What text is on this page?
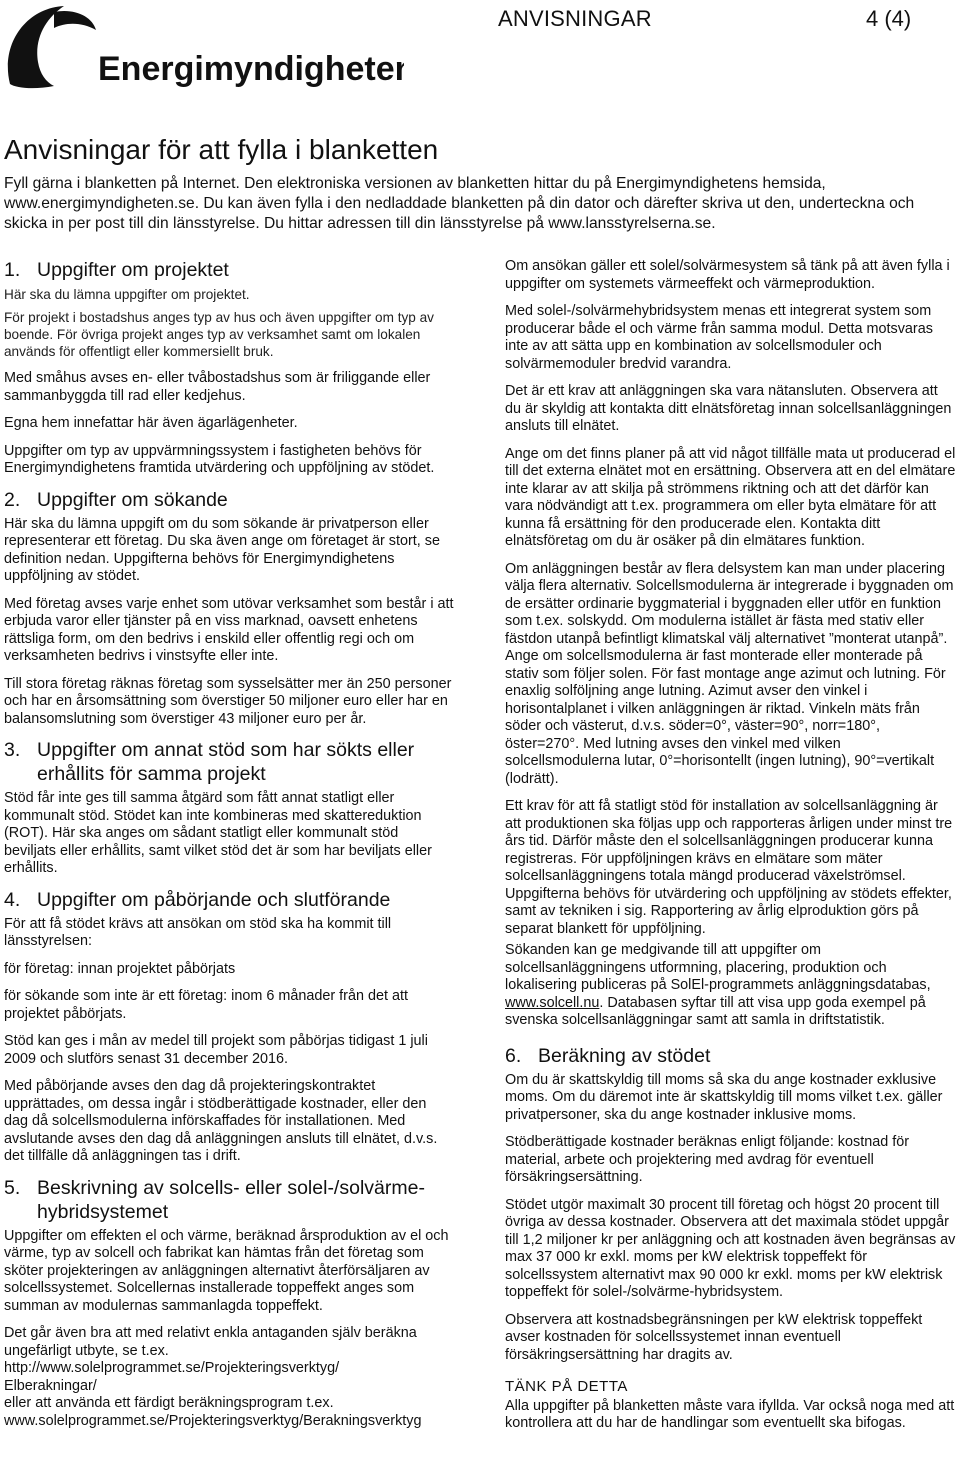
Energimyndigheten
ANVISNINGAR	4 (4)
Anvisningar för att fylla i blanketten

Fyll gärna i blanketten på Internet. Den elektroniska versionen av blanketten hittar du på Energimyndighetens hemsida, www.energimyndigheten.se. Du kan även fylla i den nedladdade blanketten på din dator och därefter skriva ut den, underteckna och skicka in per post till din länsstyrelse. Du hittar adressen till din länsstyrelse på www.lansstyrelserna.se.

1. Uppgifter om projektet

Här ska du lämna uppgifter om projektet.

För projekt i bostadshus anges typ av hus och även uppgifter om typ av boende. För övriga projekt anges typ av verksamhet samt om lokalen används för offentligt eller kommersiellt bruk.

Med småhus avses en- eller tvåbostadshus som är friliggande eller sammanbyggda till rad eller kedjehus.

Egna hem innefattar här även ägarlägenheter.

Uppgifter om typ av uppvärmningssystem i fastigheten behövs för Energimyndighetens framtida utvärdering och uppföljning av stödet.

2. Uppgifter om sökande

Här ska du lämna uppgift om du som sökande är privatperson eller representerar ett företag. Du ska även ange om företaget är stort, se definition nedan. Uppgifterna behövs för Energimyndighetens uppföljning av stödet.

Med företag avses varje enhet som utövar verksamhet som består i att erbjuda varor eller tjänster på en viss marknad, oavsett enhetens rättsliga form, om den bedrivs i enskild eller offentlig regi och om verksamheten bedrivs i vinstsyfte eller inte.

Till stora företag räknas företag som sysselsätter mer än 250 personer och har en årsomsättning som överstiger 50 miljoner euro eller har en balansomslutning som överstiger 43 miljoner euro per år.

3. Uppgifter om annat stöd som har sökts eller erhållits för samma projekt

Stöd får inte ges till samma åtgärd som fått annat statligt eller kommunalt stöd. Stödet kan inte kombineras med skattereduktion (ROT). Här ska anges om sådant statligt eller kommunalt stöd beviljats eller erhållits, samt vilket stöd det är som har beviljats eller erhållits.

4. Uppgifter om påbörjande och slutförande

För att få stödet krävs att ansökan om stöd ska ha kommit till länsstyrelsen:

för företag: innan projektet påbörjats

för sökande som inte är ett företag: inom 6 månader från det att projektet påbörjats.

Stöd kan ges i mån av medel till projekt som påbörjas tidigast 1 juli 2009 och slutförs senast 31 december 2016.

Med påbörjande avses den dag då projekteringskontraktet upprättades, om dessa ingår i stödberättigade kostnader, eller den dag då solcellsmodulerna införskaffades för installationen. Med avslutande avses den dag då anläggningen ansluts till elnätet, d.v.s. det tillfälle då anläggningen tas i drift.

5. Beskrivning av solcells- eller solel-/solvärme-hybridsystemet

Uppgifter om effekten el och värme, beräknad årsproduktion av el och värme, typ av solcell och fabrikat kan hämtas från det företag som sköter projekteringen av anläggningen alternativt återförsäljaren av solcellssystemet. Solcellernas installerade toppeffekt anges som summan av modulernas sammanlagda toppeffekt.

Det går även bra att med relativt enkla antaganden själv beräkna ungefärligt utbyte, se t.ex.

http://www.solelprogrammet.se/Projekteringsverktyg/
Elberakningar/
eller att använda ett färdigt beräkningsprogram t.ex.
www.solelprogrammet.se/Projekteringsverktyg/Berakningsverktyg

Om ansökan gäller ett solel/solvärmesystem så tänk på att även fylla i uppgifter om systemets värmeeffekt och värmeproduktion.

Med solel-/solvärmehybridsystem menas ett integrerat system som producerar både el och värme från samma modul. Detta motsvaras inte av att sätta upp en kombination av solcellsmoduler och solvärmemoduler bredvid varandra.

Det är ett krav att anläggningen ska vara nätansluten. Observera att du är skyldig att kontakta ditt elnätsföretag innan solcellsanläggningen ansluts till elnätet.

Ange om det finns planer på att vid något tillfälle mata ut producerad el till det externa elnätet mot en ersättning. Observera att en del elmätare inte klarar av att skilja på strömmens riktning och att det därför kan vara nödvändigt att t.ex. programmera om eller byta elmätare för att kunna få ersättning för den producerade elen. Kontakta ditt elnätsföretag om du är osäker på din elmätares funktion.

Om anläggningen består av flera delsystem kan man under placering välja flera alternativ. Solcellsmodulerna är integrerade i byggnaden om de ersätter ordinarie byggmaterial i byggnaden eller utför en funktion som t.ex. solskydd. Om modulerna istället är fästa med stativ eller fästdon utanpå befintligt klimatskal välj alternativet ”monterat utanpå”. Ange om solcellsmodulerna är fast monterade eller monterade på stativ som följer solen. För fast montage ange azimut och lutning. För enaxlig solföljning ange lutning. Azimut avser den vinkel i horisontalplanet i vilken anläggningen är riktad. Vinkeln mäts från söder och västerut, d.v.s. söder=0°, väster=90°, norr=180°, öster=270°. Med lutning avses den vinkel med vilken solcellsmodulerna lutar, 0°=horisontellt (ingen lutning), 90°=vertikalt (lodrätt).

Ett krav för att få statligt stöd för installation av solcellsanläggning är att produktionen ska följas upp och rapporteras årligen under minst tre års tid. Därför måste den el solcellsanläggningen producerar kunna registreras. För uppföljningen krävs en elmätare som mäter solcellsanläggningens totala mängd producerad växelströmsel. Uppgifterna behövs för utvärdering och uppföljning av stödets effekter, samt av tekniken i sig. Rapportering av årlig elproduktion görs på separat blankett för uppföljning.

Sökanden kan ge medgivande till att uppgifter om solcellsanläggningens utformning, placering, produktion och lokalisering publiceras på SolEl-programmets anläggningsdatabas, www.solcell.nu. Databasen syftar till att visa upp goda exempel på svenska solcellsanläggningar samt att samla in driftstatistik.

6. Beräkning av stödet

Om du är skattskyldig till moms så ska du ange kostnader exklusive moms. Om du däremot inte är skattskyldig till moms vilket t.ex. gäller privatpersoner, ska du ange kostnader inklusive moms.

Stödberättigade kostnader beräknas enligt följande: kostnad för material, arbete och projektering med avdrag för eventuell försäkringsersättning.

Stödet utgör maximalt 30 procent till företag och högst 20 procent till övriga av dessa kostnader. Observera att det maximala stödet uppgår till 1,2 miljoner kr per anläggning och att kostnaden även begränsas av max 37 000 kr exkl. moms per kW elektrisk toppeffekt för solcellssystem alternativt max 90 000 kr exkl. moms per kW elektrisk toppeffekt för solel-/solvärme-hybridsystem.

Observera att kostnadsbegränsningen per kW elektrisk toppeffekt avser kostnaden för solcellssystemet innan eventuell försäkringsersättning har dragits av.

TÄNK PÅ DETTA

Alla uppgifter på blanketten måste vara ifyllda. Var också noga med att kontrollera att du har de handlingar som eventuellt ska bifogas.
